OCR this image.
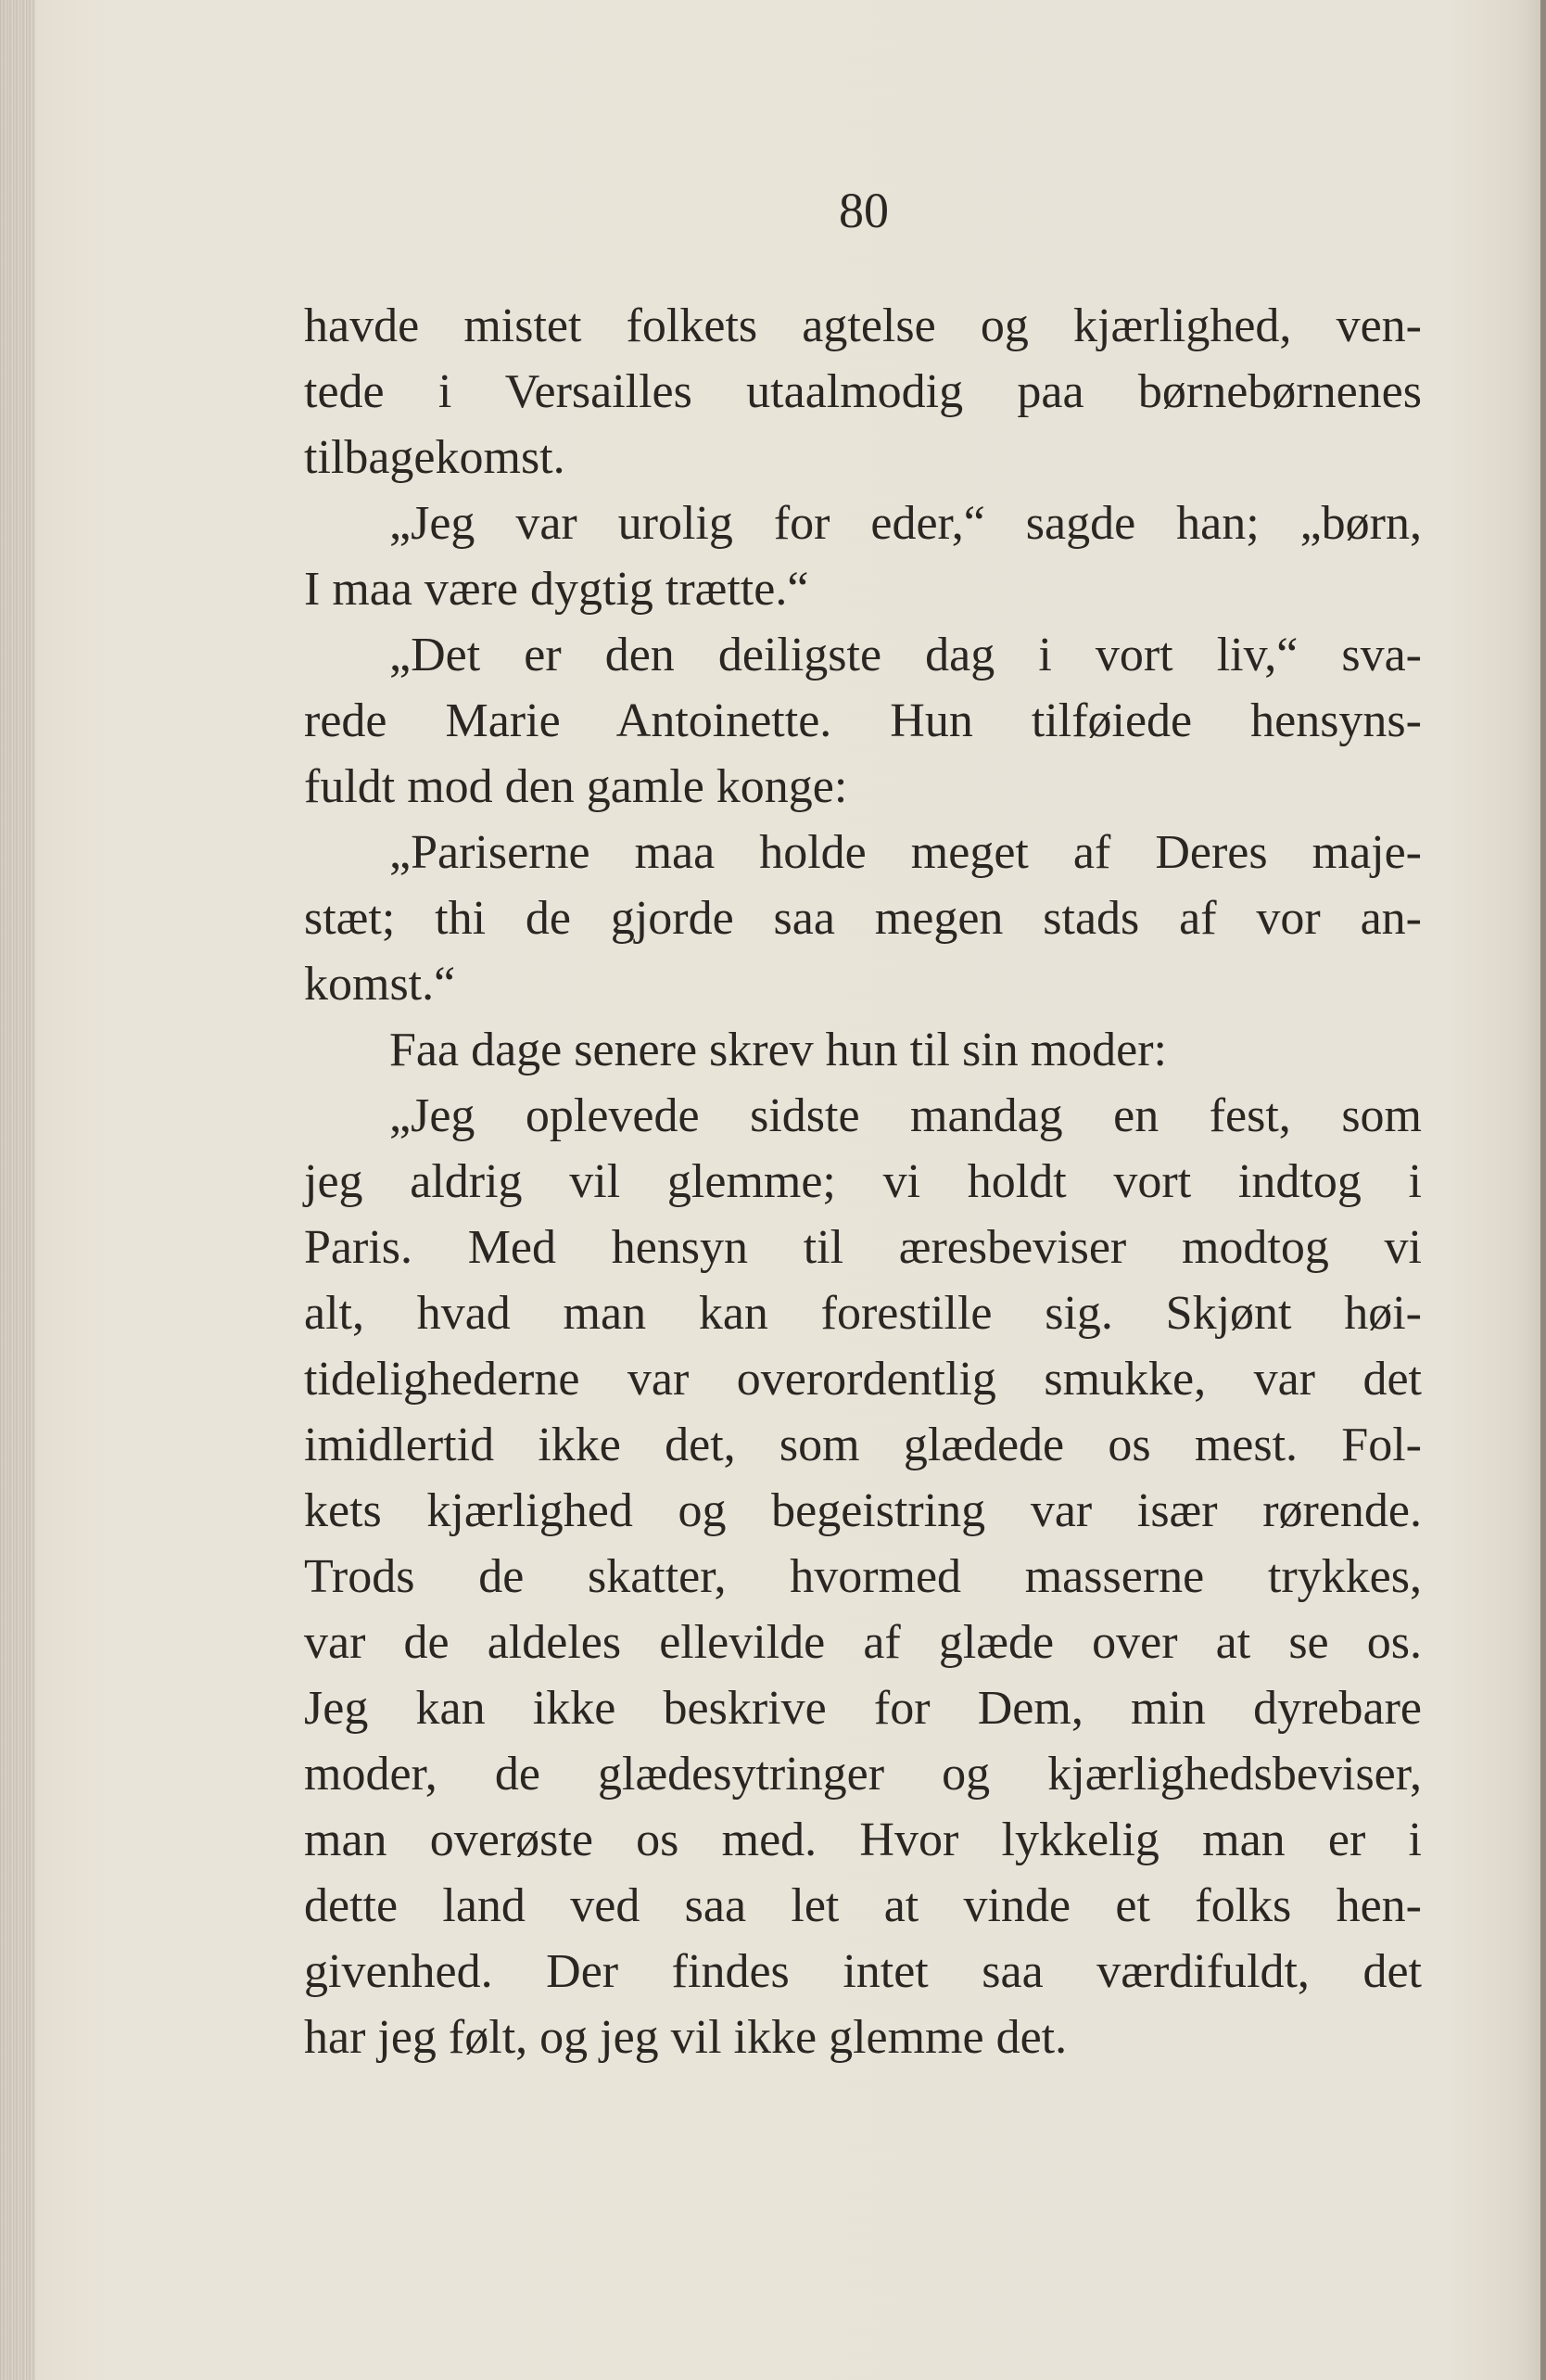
80

havde mistet folkets agtelse og kjærlighed, ven-
tede i Versailles utaalmodig paa børnebørnenes
tilbagekomst.
„Jeg var urolig for eder,“ sagde han; „børn,
I maa være dygtig trætte.“
„Det er den deiligste dag i vort liv,“ sva-
rede Marie Antoinette. Hun tilføiede hensyns-
fuldt mod den gamle konge:
„Pariserne maa holde meget af Deres maje-
stæt; thi de gjorde saa megen stads af vor an-
komst.“
Faa dage senere skrev hun til sin moder:
„Jeg oplevede sidste mandag en fest, som
jeg aldrig vil glemme; vi holdt vort indtog i
Paris. Med hensyn til æresbeviser modtog vi
alt, hvad man kan forestille sig. Skjønt høi-
tidelighederne var overordentlig smukke, var det
imidlertid ikke det, som glædede os mest. Fol-
kets kjærlighed og begeistring var især rørende.
Trods de skatter, hvormed masserne trykkes,
var de aldeles ellevilde af glæde over at se os.
Jeg kan ikke beskrive for Dem, min dyrebare
moder, de glædesytringer og kjærlighedsbeviser,
man overøste os med. Hvor lykkelig man er i
dette land ved saa let at vinde et folks hen-
givenhed. Der findes intet saa værdifuldt, det
har jeg følt, og jeg vil ikke glemme det.
